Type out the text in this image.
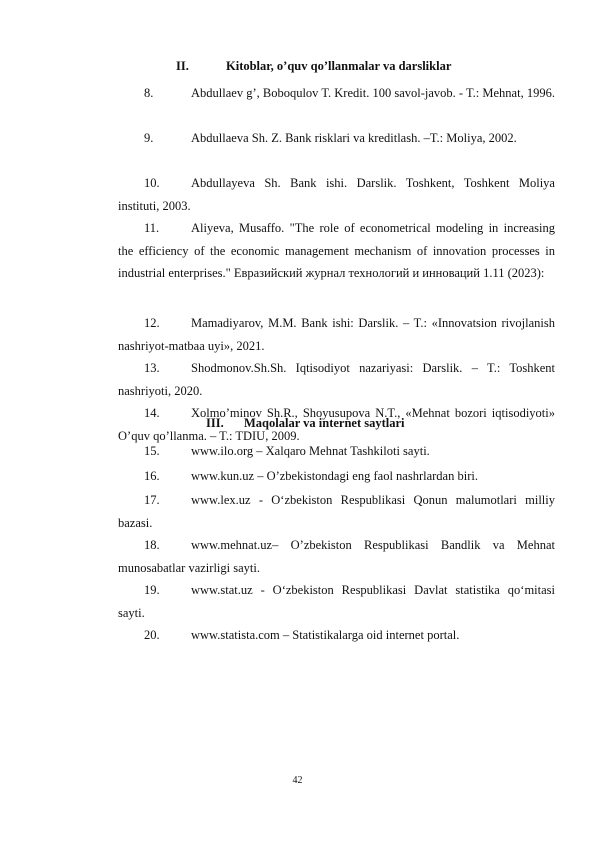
II.	Kitoblar, o’quv qo’llanmalar va darsliklar
III. Maqolalar va internet saytlari
42
8.	Abdullaev g’, Boboqulov T. Kredit. 100 savol-javob. - T.: Mehnat, 1996.
9.	Abdullaeva Sh. Z. Bank risklari va kreditlash. –T.: Moliya, 2002.
10.	Abdullayeva Sh. Bank ishi. Darslik. Toshkent, Toshkent Moliya instituti, 2003.
11.	Aliyeva, Musaffo. "The role of econometrical modeling in increasing the efficiency of the economic management mechanism of innovation processes in industrial enterprises." Евразийский журнал технологий и инноваций 1.11 (2023):
12.	Mamadiyarov, M.M. Bank ishi: Darslik. – T.: «Innovatsion rivojlanish nashriyot-matbaa uyi», 2021.
13.	Shodmonov.Sh.Sh. Iqtisodiyot nazariyasi: Darslik. – T.: Toshkent nashriyoti, 2020.
14.	Xolmo’minov Sh.R., Shoyusupova N.T., «Mehnat bozori iqtisodiyoti» O’quv qo’llanma. – T.: TDIU, 2009.
15.	www.ilo.org – Xalqaro Mehnat Tashkiloti sayti.
16.	www.kun.uz – O’zbekistondagi eng faol nashrlardan biri.
17.	www.lex.uz - O‘zbekiston Respublikasi Qonun malumotlari milliy bazasi.
18.	www.mehnat.uz– O’zbekiston Respublikasi Bandlik va Mehnat munosabatlar vazirligi sayti.
19.	www.stat.uz - O‘zbekiston Respublikasi Davlat statistika qo‘mitasi sayti.
20.	www.statista.com – Statistikalarga oid internet portal.
